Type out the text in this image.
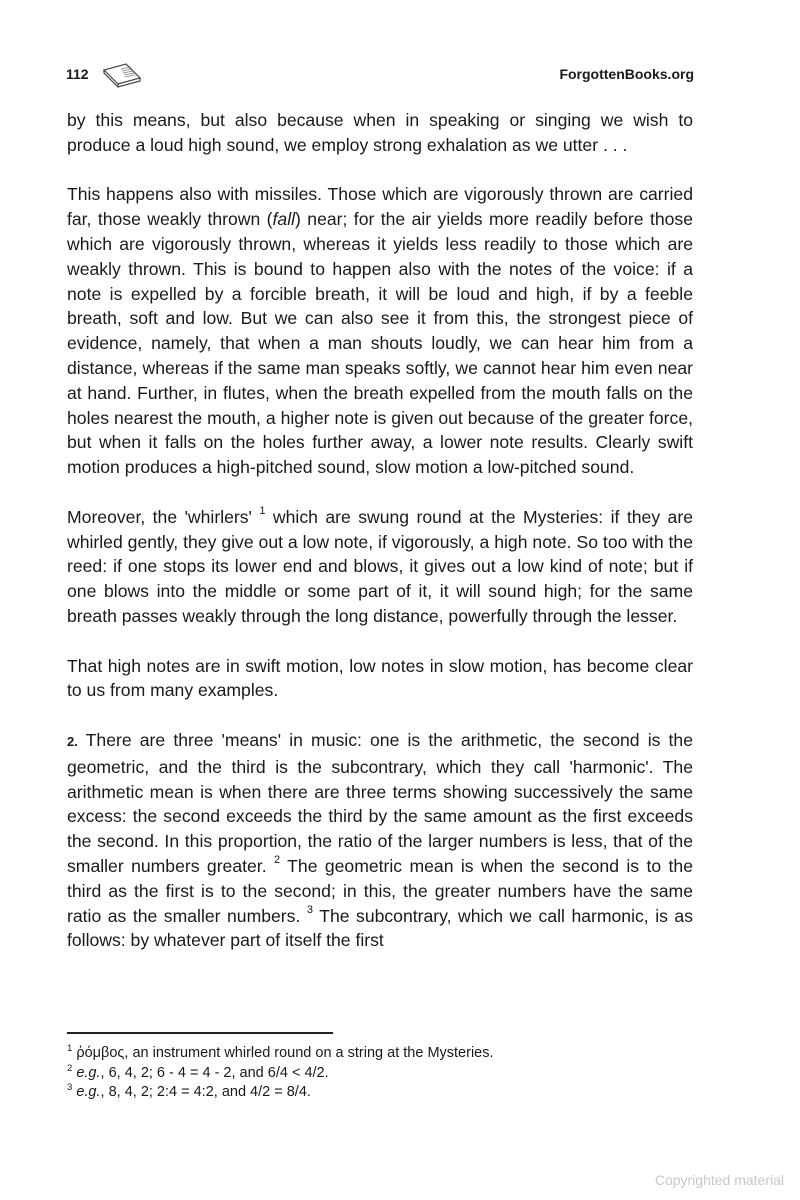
112	ForgottenBooks.org

by this means, but also because when in speaking or singing we wish to produce a loud high sound, we employ strong exhalation as we utter . . .

This happens also with missiles. Those which are vigorously thrown are carried far, those weakly thrown (fall) near; for the air yields more readily before those which are vigorously thrown, whereas it yields less readily to those which are weakly thrown. This is bound to happen also with the notes of the voice: if a note is expelled by a forcible breath, it will be loud and high, if by a feeble breath, soft and low. But we can also see it from this, the strongest piece of evidence, namely, that when a man shouts loudly, we can hear him from a distance, whereas if the same man speaks softly, we cannot hear him even near at hand. Further, in flutes, when the breath expelled from the mouth falls on the holes nearest the mouth, a higher note is given out because of the greater force, but when it falls on the holes further away, a lower note results. Clearly swift motion produces a high-pitched sound, slow motion a low-pitched sound.

Moreover, the 'whirlers' $^1$ which are swung round at the Mysteries: if they are whirled gently, they give out a low note, if vigorously, a high note. So too with the reed: if one stops its lower end and blows, it gives out a low kind of note; but if one blows into the middle or some part of it, it will sound high; for the same breath passes weakly through the long distance, powerfully through the lesser.

That high notes are in swift motion, low notes in slow motion, has become clear to us from many examples.

2. There are three 'means' in music: one is the arithmetic, the second is the geometric, and the third is the subcontrary, which they call 'harmonic'. The arithmetic mean is when there are three terms showing successively the same excess: the second exceeds the third by the same amount as the first exceeds the second. In this proportion, the ratio of the larger numbers is less, that of the smaller numbers greater. $^2$ The geometric mean is when the second is to the third as the first is to the second; in this, the greater numbers have the same ratio as the smaller numbers. $^3$ The subcontrary, which we call harmonic, is as follows: by whatever part of itself the first

$^1$ ῥόμβος, an instrument whirled round on a string at the Mysteries.
$^2$ e.g., 6, 4, 2; 6 - 4 = 4 - 2, and 6/4 < 4/2.
$^3$ e.g., 8, 4, 2; 2:4 = 4:2, and 4/2 = 8/4.
Copyrighted material
